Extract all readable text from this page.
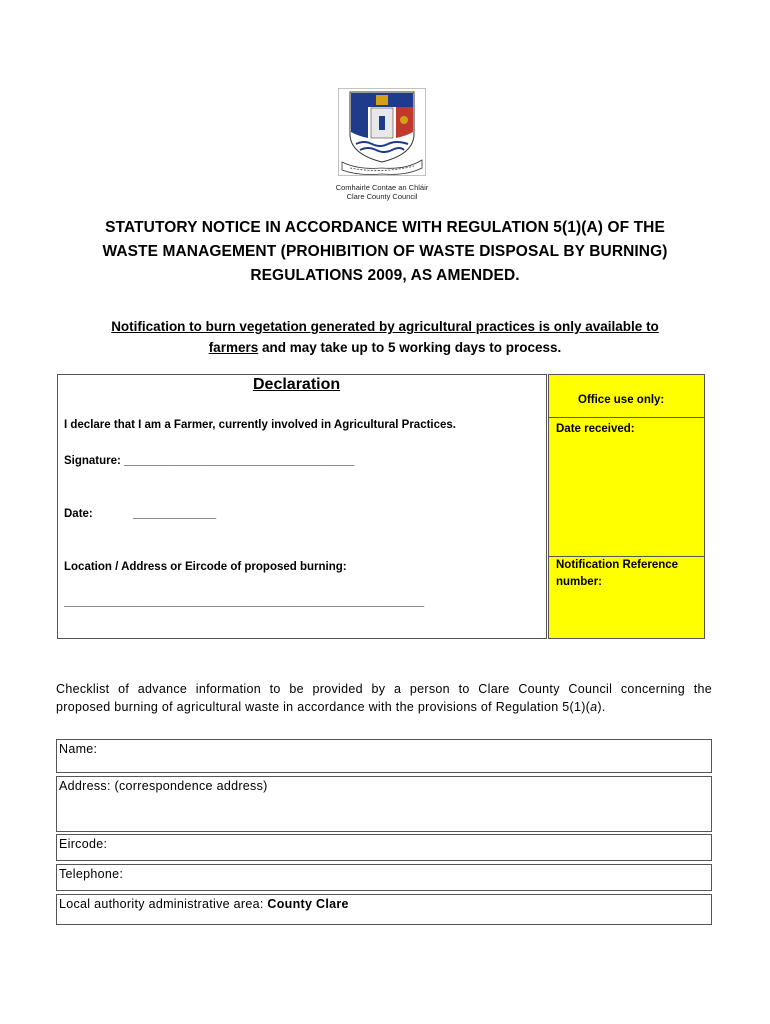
Comhairle Contae an Chláir
Clare County Council
STATUTORY NOTICE IN ACCORDANCE WITH REGULATION 5(1)(A) OF THE
WASTE MANAGEMENT (PROHIBITION OF WASTE DISPOSAL BY BURNING)
REGULATIONS 2009, AS AMENDED.
Notification to burn vegetation generated by agricultural practices is only available to
farmers and may take up to 5 working days to process.
Declaration
I declare that I am a Farmer, currently involved in Agricultural Practices.
Signature: ____________________________________
Date:	_____________
Location / Address or Eircode of proposed burning:
____________________________________________________________
Office use only:
Date received:
Notification Reference
number:
Checklist of advance information to be provided by a person to Clare County Council concerning the
proposed burning of agricultural waste in accordance with the provisions of Regulation 5(1)(a).
Name:
Address: (correspondence address)
Eircode:
Telephone:
Local authority administrative area: County Clare
